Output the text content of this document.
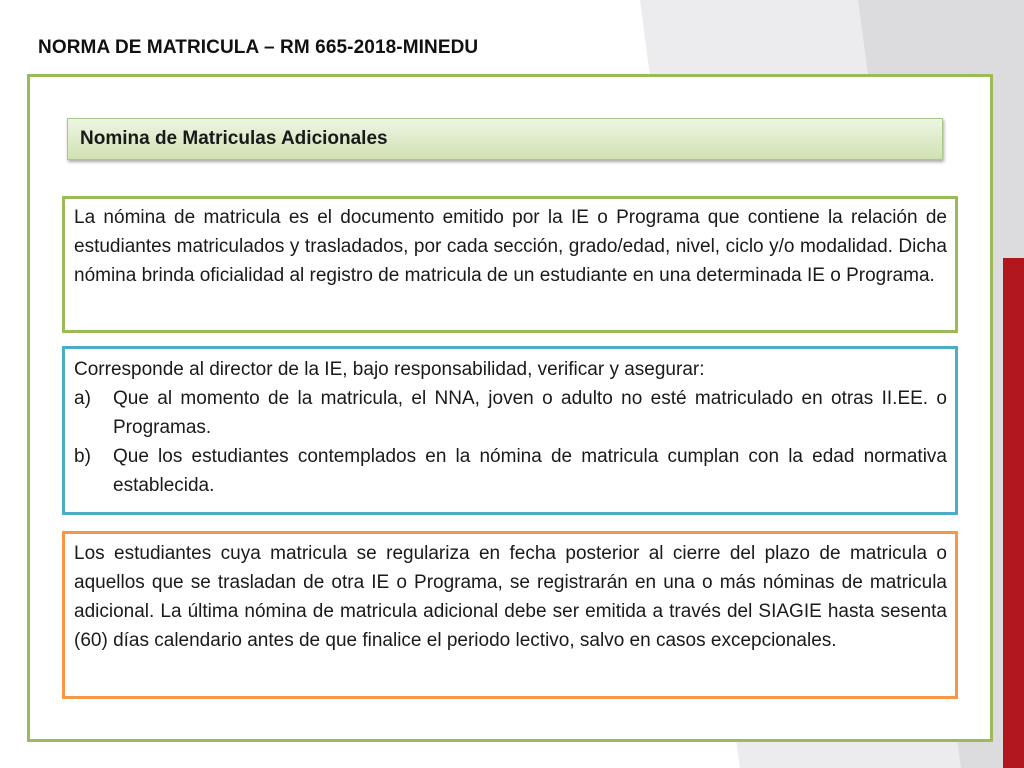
NORMA DE MATRICULA – RM 665-2018-MINEDU
Nomina de Matriculas Adicionales

La nómina de matricula es el documento emitido por la IE o Programa que contiene la relación de estudiantes matriculados y trasladados, por cada sección, grado/edad, nivel, ciclo y/o modalidad. Dicha nómina brinda oficialidad al registro de matricula de un estudiante en una determinada IE o Programa.

Corresponde al director de la IE, bajo responsabilidad, verificar y asegurar:

a)	Que al momento de la matricula, el NNA, joven o adulto no esté matriculado en otras II.EE. o Programas.
b)	Que los estudiantes contemplados en la nómina de matricula cumplan con la edad normativa establecida.

Los estudiantes cuya matricula se regulariza en fecha posterior al cierre del plazo de matricula o aquellos que se trasladan de otra IE o Programa, se registrarán en una o más nóminas de matricula adicional. La última nómina de matricula adicional debe ser emitida a través del SIAGIE hasta sesenta (60) días calendario antes de que finalice el periodo lectivo, salvo en casos excepcionales.
